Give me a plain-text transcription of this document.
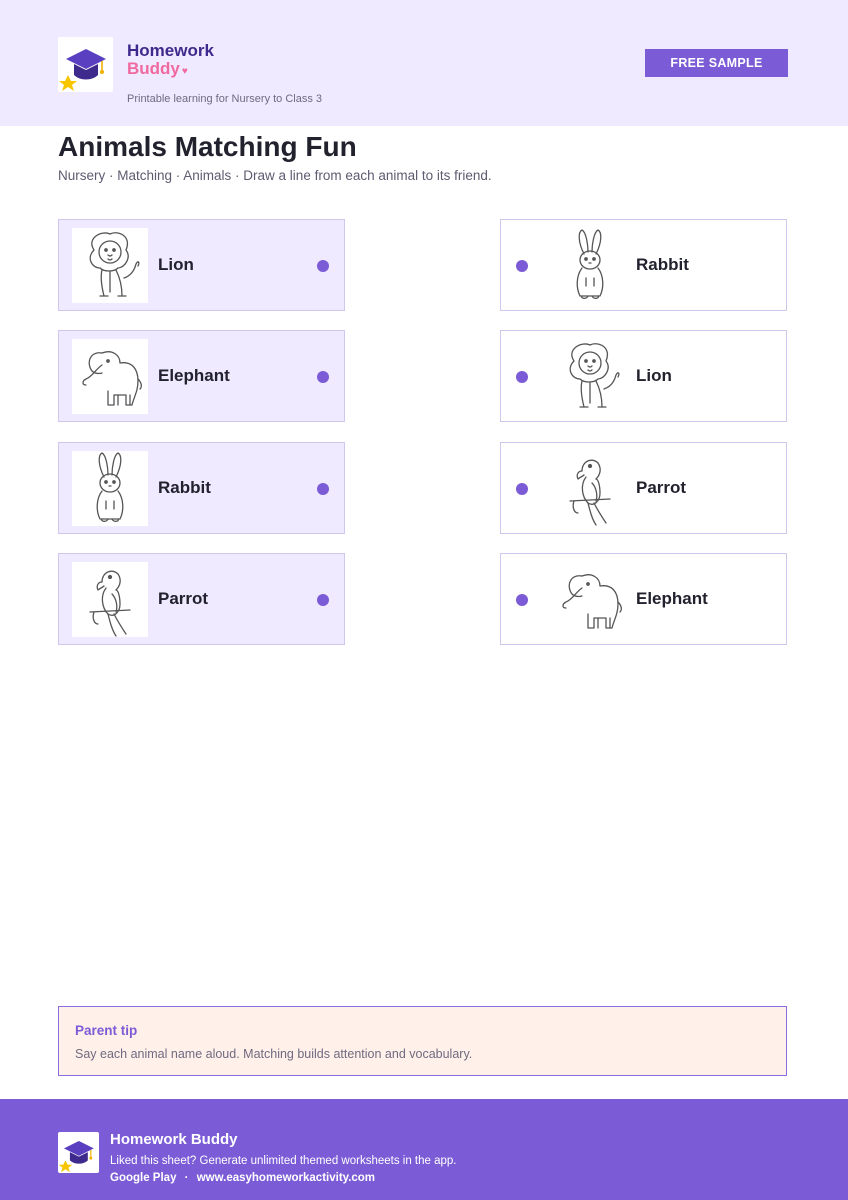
Homework
Buddy ♥
Printable learning for Nursery to Class 3
FREE SAMPLE
Animals Matching Fun

Nursery · Matching · Animals · Draw a line from each animal to its friend.

Lion
Elephant
Rabbit
Parrot
Rabbit
Lion
Parrot
Elephant
Parent tip
Say each animal name aloud. Matching builds attention and vocabulary.
Homework Buddy
Liked this sheet? Generate unlimited themed worksheets in the app.
Google Play · www.easyhomeworkactivity.com
